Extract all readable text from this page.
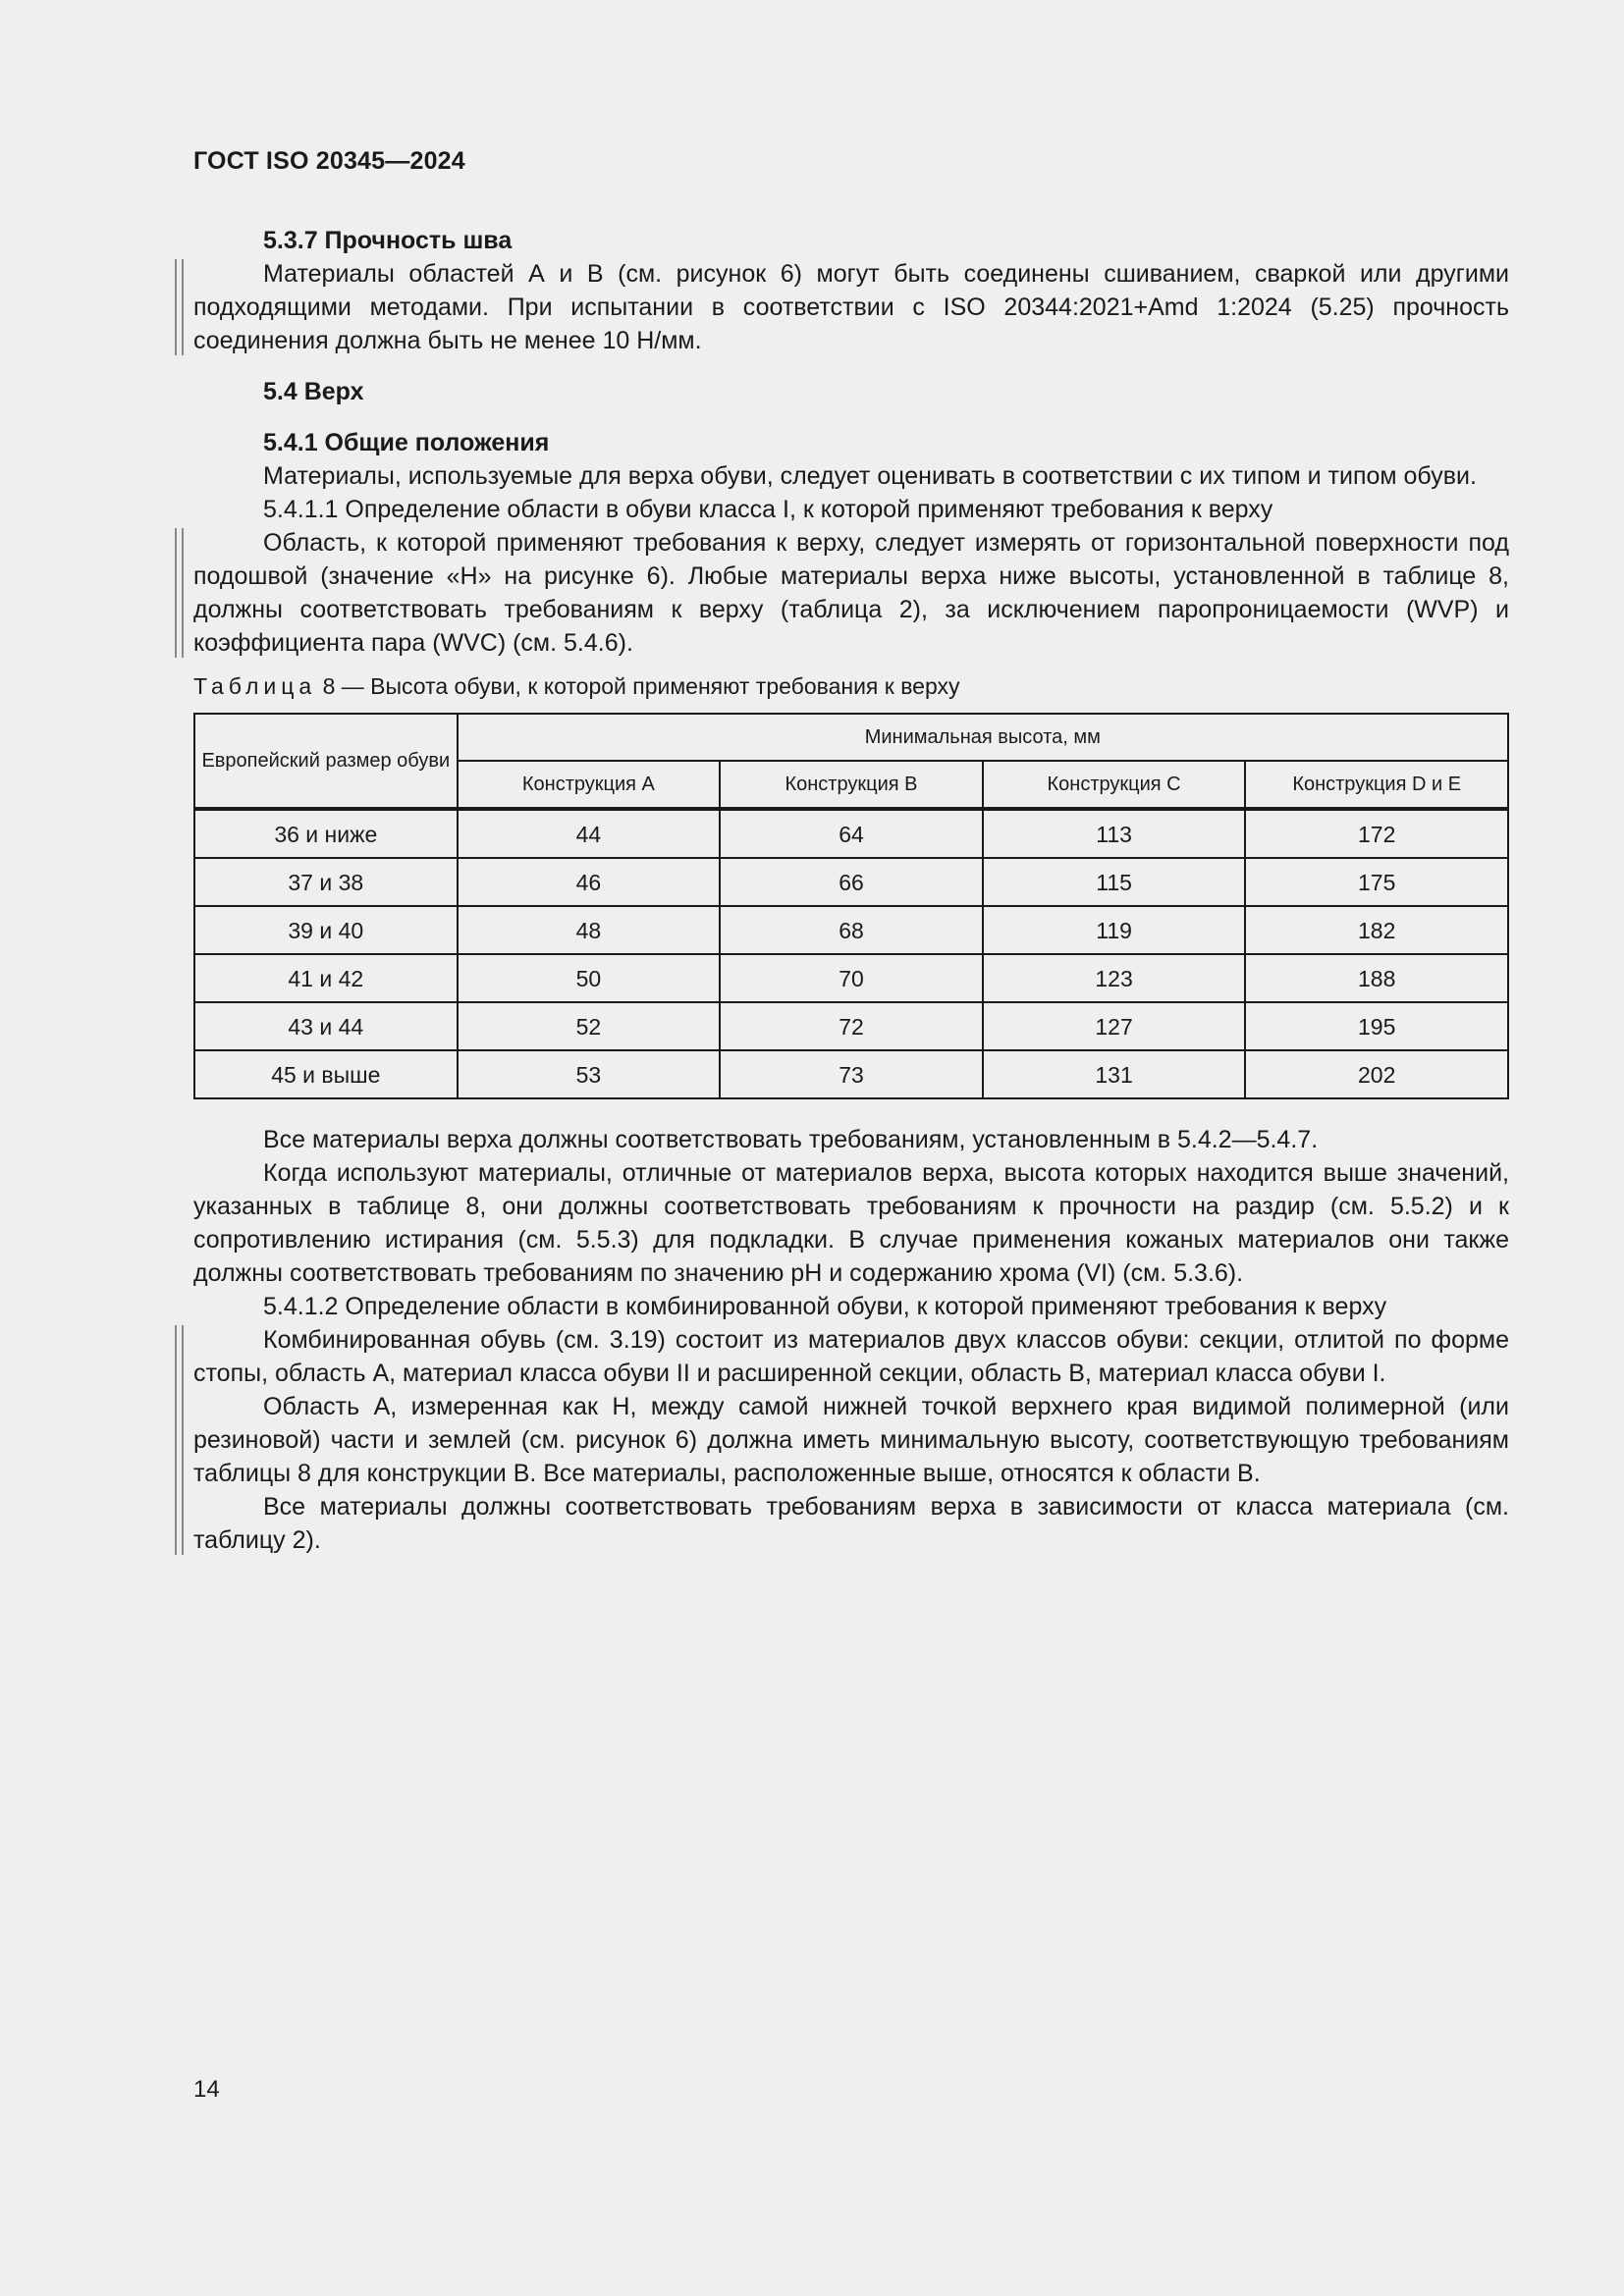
ГОСТ ISO 20345—2024

5.3.7 Прочность шва

Материалы областей А и В (см. рисунок 6) могут быть соединены сшиванием, сваркой или другими подходящими методами. При испытании в соответствии с ISO 20344:2021+Amd 1:2024 (5.25) прочность соединения должна быть не менее 10 Н/мм.

5.4 Верх

5.4.1 Общие положения

Материалы, используемые для верха обуви, следует оценивать в соответствии с их типом и типом обуви.

5.4.1.1 Определение области в обуви класса I, к которой применяют требования к верху

Область, к которой применяют требования к верху, следует измерять от горизонтальной поверхности под подошвой (значение «Н» на рисунке 6). Любые материалы верха ниже высоты, установленной в таблице 8, должны соответствовать требованиям к верху (таблица 2), за исключением паропроницаемости (WVP) и коэффициента пара (WVC) (см. 5.4.6).

Таблица 8 — Высота обуви, к которой применяют требования к верху
Европейский размер обуви	Минимальная высота, мм			
	Конструкция A	Конструкция B	Конструкция C	Конструкция D и E
36 и ниже	44	64	113	172
37 и 38	46	66	115	175
39 и 40	48	68	119	182
41 и 42	50	70	123	188
43 и 44	52	72	127	195
45 и выше	53	73	131	202

Все материалы верха должны соответствовать требованиям, установленным в 5.4.2—5.4.7.

Когда используют материалы, отличные от материалов верха, высота которых находится выше значений, указанных в таблице 8, они должны соответствовать требованиям к прочности на раздир (см. 5.5.2) и к сопротивлению истирания (см. 5.5.3) для подкладки. В случае применения кожаных материалов они также должны соответствовать требованиям по значению pH и содержанию хрома (VI) (см. 5.3.6).

5.4.1.2 Определение области в комбинированной обуви, к которой применяют требования к верху

Комбинированная обувь (см. 3.19) состоит из материалов двух классов обуви: секции, отлитой по форме стопы, область А, материал класса обуви II и расширенной секции, область В, материал класса обуви I.

Область А, измеренная как Н, между самой нижней точкой верхнего края видимой полимерной (или резиновой) части и землей (см. рисунок 6) должна иметь минимальную высоту, соответствующую требованиям таблицы 8 для конструкции В. Все материалы, расположенные выше, относятся к области В.

Все материалы должны соответствовать требованиям верха в зависимости от класса материала (см. таблицу 2).

14
